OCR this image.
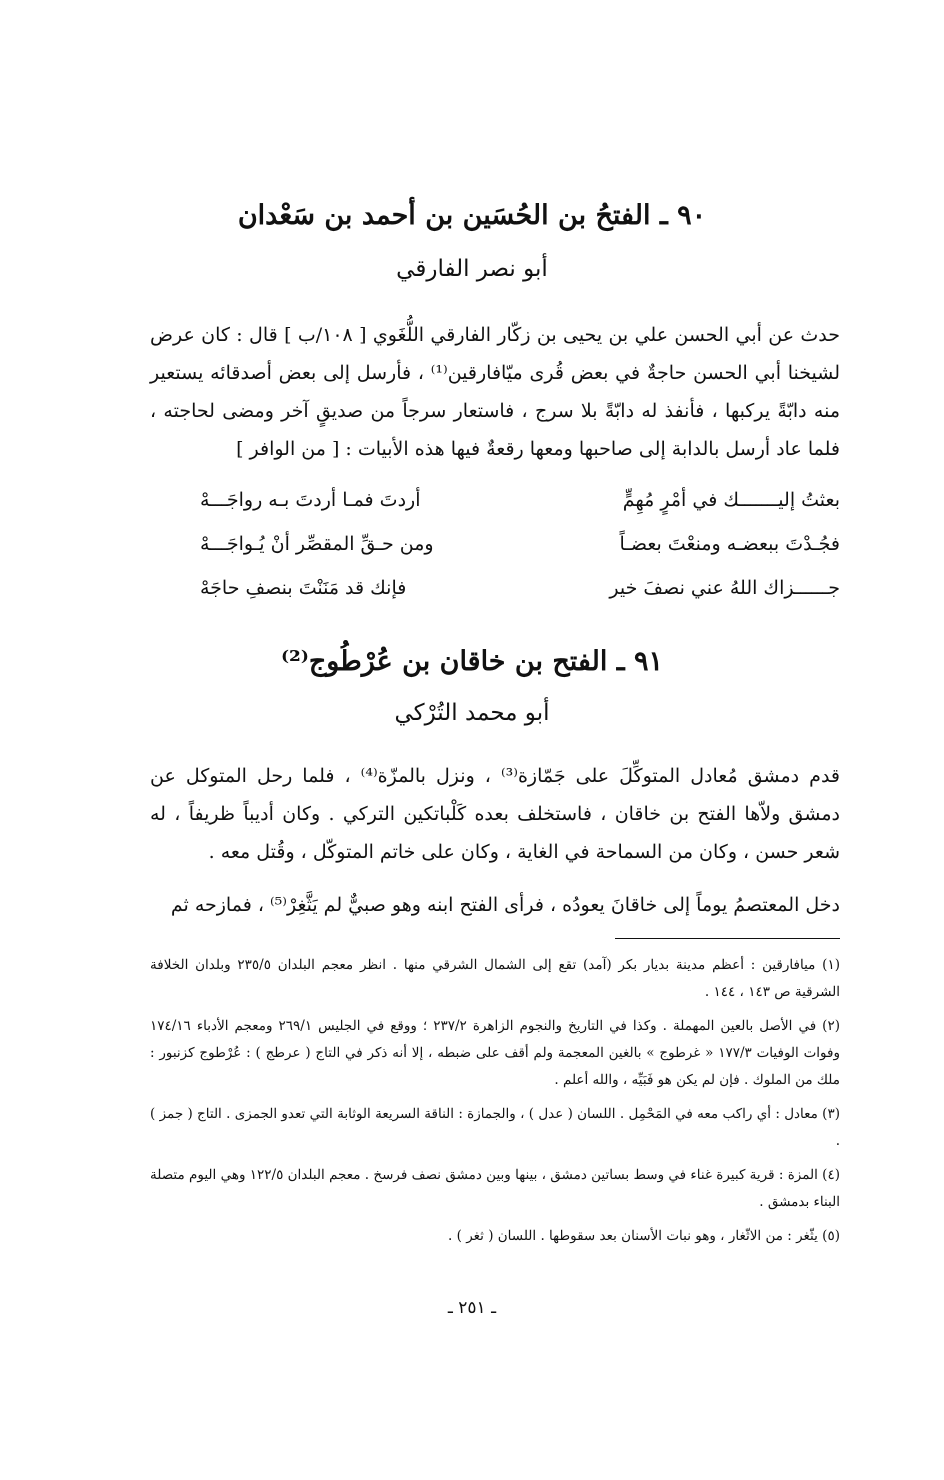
٩٠ ـ الفتحُ بن الحُسَين بن أحمد بن سَعْدان
أبو نصر الفارقي
حدث عن أبي الحسن علي بن يحيى بن زكّار الفارقي اللُّغَوي [ ١٠٨/ب ] قال : كان عرض لشيخنا أبي الحسن حاجةٌ في بعض قُرى ميّافارقين⁽¹⁾ ، فأرسل إلى بعض أصدقائه يستعير منه دابّةً يركبها ، فأنفذ له دابّةً بلا سرج ، فاستعار سرجاً من صديقٍ آخر ومضى لحاجته ، فلما عاد أرسل بالدابة إلى صاحبها ومعها رقعةٌ فيها هذه الأبيات : [ من الوافر ]
بعثتُ إليـــــــك في أمْرٍ مُهِمٍّ
أردتَ فمـا أردتَ بـه رواجَـــهْ
فجُـدْتَ ببعضـه ومنعْتَ بعضـاً
ومن حـقِّ المقصِّر أنْ يُـواجَـــهْ
جــــــزاك اللهُ عني نصفَ خير
فإنك قد مَنَنْتَ بنصفِ حاجَهْ
٩١ ـ الفتح بن خاقان بن عُرْطُوج⁽²⁾
أبو محمد التُرْكي
قدم دمشق مُعادل المتوكِّلَ على جَمّازة⁽³⁾ ، ونزل بالمزّة⁽⁴⁾ ، فلما رحل المتوكل عن دمشق ولاّها الفتح بن خاقان ، فاستخلف بعده كَلْباتكين التركي . وكان أديباً ظريفاً ، له شعر حسن ، وكان من السماحة في الغاية ، وكان على خاتم المتوكّل ، وقُتل معه .
دخل المعتصمُ يوماً إلى خاقانَ يعودُه ، فرأى الفتح ابنه وهو صبيٌّ لم يَثَّغِرْ⁽⁵⁾ ، فمازحه ثم

(١) ميافارقين : أعظم مدينة بديار بكر (آمد) تقع إلى الشمال الشرقي منها . انظر معجم البلدان ٢٣٥/٥ وبلدان الخلافة الشرقية ص ١٤٣ ، ١٤٤ .

(٢) في الأصل بالعين المهملة . وكذا في التاريخ والنجوم الزاهرة ٢٣٧/٢ ؛ ووقع في الجليس ٢٦٩/١ ومعجم الأدباء ١٧٤/١٦ وفوات الوفيات ١٧٧/٣ « غرطوج » بالغين المعجمة ولم أقف على ضبطه ، إلا أنه ذكر في التاج ( عرطج ) : عُرْطوج كزنبور : ملك من الملوك . فإن لم يكن هو فَبَيِّه ، والله أعلم .

(٣) معادل : أي راكب معه في المَحْمِل . اللسان ( عدل ) ، والجمازة : الناقة السريعة الوثابة التي تعدو الجمزى . التاج ( جمز ) .

(٤) المزة : قرية كبيرة غناء في وسط بساتين دمشق ، بينها وبين دمشق نصف فرسخ . معجم البلدان ١٢٢/٥ وهي اليوم متصلة البناء بدمشق .

(٥) يثّغر : من الاثّغار ، وهو نبات الأسنان بعد سقوطها . اللسان ( ثغر ) .

ـ ٢٥١ ـ
